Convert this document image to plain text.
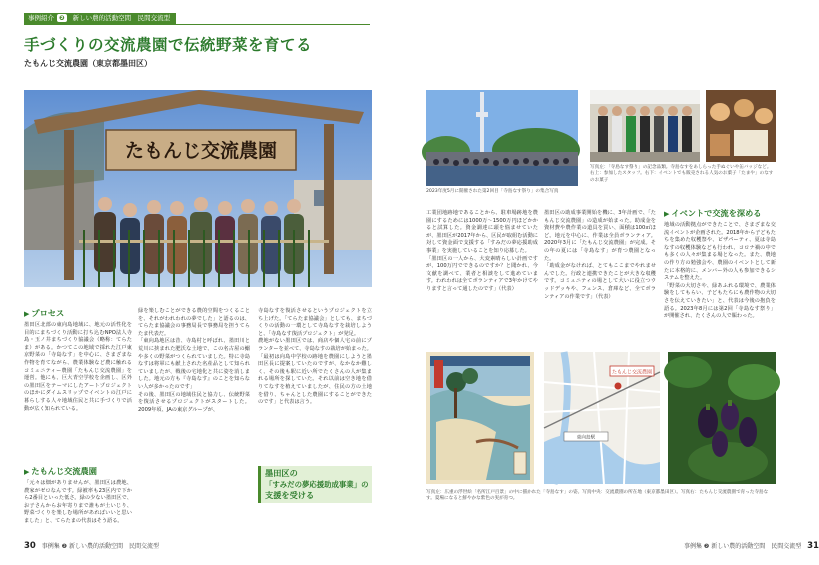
事例紹介 ❷ 新しい農的活動空間　民間交流型
手づくりの交流農園で伝統野菜を育てる
たもんじ交流農園（東京都墨田区）
たもんじ交流農園
▶ プロセス
墨田区北部の東向島地域に、地元の活性化を目的にまちづくり活動に打ち込むNPO法人寺島・玉ノ井まちづくり協議会（略称：てらたま）がある。かつてこの地域で採れた江戸東京野菜の「寺島なす」を中心に、さまざまな作物を育てながら、農業体験など農に触れるコミュニティー農園「たもんじ交流農園」を運営。他にも、巨大青空学校を企画し、区外の墨田区をテーマにしたアートプロジェクトのほかにダイムスリップでイベントの江戸に暮らしする人々地域住民と共に手づくりで活動が広く知られている。
▶ たもんじ交流農園
「元々は畑がありませんが、墨田区は農地、農家がゼロなんです。緑被率も23区内で下から2番目といった低さ。緑の少ない墨田区で、お子さんからお年寄りまで誰もが土いじり、野菜づくりを楽しむ場所があればいいと思いました」と、てらたまの代表はそう語る。

緑を楽しむことができる農的空間をつくることを、それがわれわれの夢でした」と語るのは、てらたま協議会の事務局長で事務局を担うてらたま代表だ。

「東向島地区は昔、寺島村と呼ばれ、墨田川と荒川に挟まれた肥沃な土地で、この名古屋の鰯や多くの野菜がつくられていました。特に寺島なすは将軍にも献上された名産品として知られていましたが、戦後の宅地化と共に姿を消しました。地元の方も『寺島なす』のことを知らない人が多かったのです」

その後、墨田区の地域住民と協力し、伝統野菜を復活させるプロジェクトがスタートした。2009年頃、JAの東京グループが、

寺島なすを復活させるというプロジェクトを立ち上げた。「てらたま協議会」としても、まちづくりの活動の一環として寺島なすを栽培しようと、「寺島なす復活プロジェクト」が発足。

農地がない墨田区では、商店や個人宅の前にプランターを並べて、寺島なすの栽培が始まった。

「最初は向島中学校の跡地を農園にしようと墨田区長に提案していたのですが、なかなか難しく、その後も駅に近い所でたくさんの人が集まれる場所を探していた。それ以前は空き地を借りてなすを植えていましたが、住民の方の土地を借り、ちゃんとした農園にすることができたのです」と代表は言う。

墨田区の
「すみだの夢応援助成事業」の
支援を受ける
30 事例集 ❷ 新しい農的活動空間　民間交流型
2023年度5月に開催された第2回目「寺島なす祭り」の集合写真
写真左：「寺島なす祭り」の記念品類。寺島なすをあしらった手ぬぐいや缶バッジなど。右上：参加したスタッフ。右下：イベントでも販売される人気のお菓子「たまや」のなすのお菓子

工業団地跡地であることから、駐車場跡地を農園にするためには1000万〜1500万円ほどかかると試算した。資金調達に頭を悩ませていたが、墨田区が2017年から、区民が取組む活動に対して資金面で支援する「すみだの夢応援助成事業」を実施していることを知り応募した。

「墨田区の一人から、大変素晴らしい計画ですが、100万円でできるのですか？と聞かれ、今文献を調べて、業者と相談をして進めています。われわれは全てボランティアで3年かけてやりますと言って通したのです」（代表）

墨田区の助成事業開始を機に、3年計画で、「たもんじ交流農園」の造成が始まった。助成金を資材費や農作業の道具を買い、面積は100㎡ほど。地元を中心に、作業は全員ボランティア。2020年3月に「たもんじ交流農園」が完成。その年の夏には「寺島なす」が育つ農園となった。

「助成金がなければ、とてもここまでやれませんでした。行政と連携できたことが大きな収穫です。コミュニティの場として大いに役立つウッドデッキや、フェンス、倉庫など、全てボランティアの作業です」（代表）

▶ イベントで交流を深める

地域の活動拠点ができたことで、さまざまな交流イベントが企画された。2018年から子どもたちを集めた収穫祭や、ピザパーティ、夏は寺島なすの収穫体験なども行われ、コロナ禍の中でも多くの人々が集まる場となった。また、農地の作り方の勉強会や、農園のイベントとして新たに本格的に、メンバー外の人も参加できるシステムを整えた。

「野菜の大切さや、緑あふれる環境で、農業体験をしてもらい、子どもたちにも農作物の大切さを伝えていきたい」と、代表は今後の抱負を語る。2023年8月には第2回「寺島なす祭り」が開催され、たくさんの人で賑わった。

たもんじ交流農園
東向島駅
写真左：広重の浮世絵「名所江戸百景」の中に描かれた「寺島なす」の姿。写真中央：交流農園の所在地（東京都墨田区）。写真右：たもんじ交流農園で育った寺島なす。夏場になると鮮やかな紫色の実が育つ。
事例集 ❷ 新しい農的活動空間　民間交流型 31
